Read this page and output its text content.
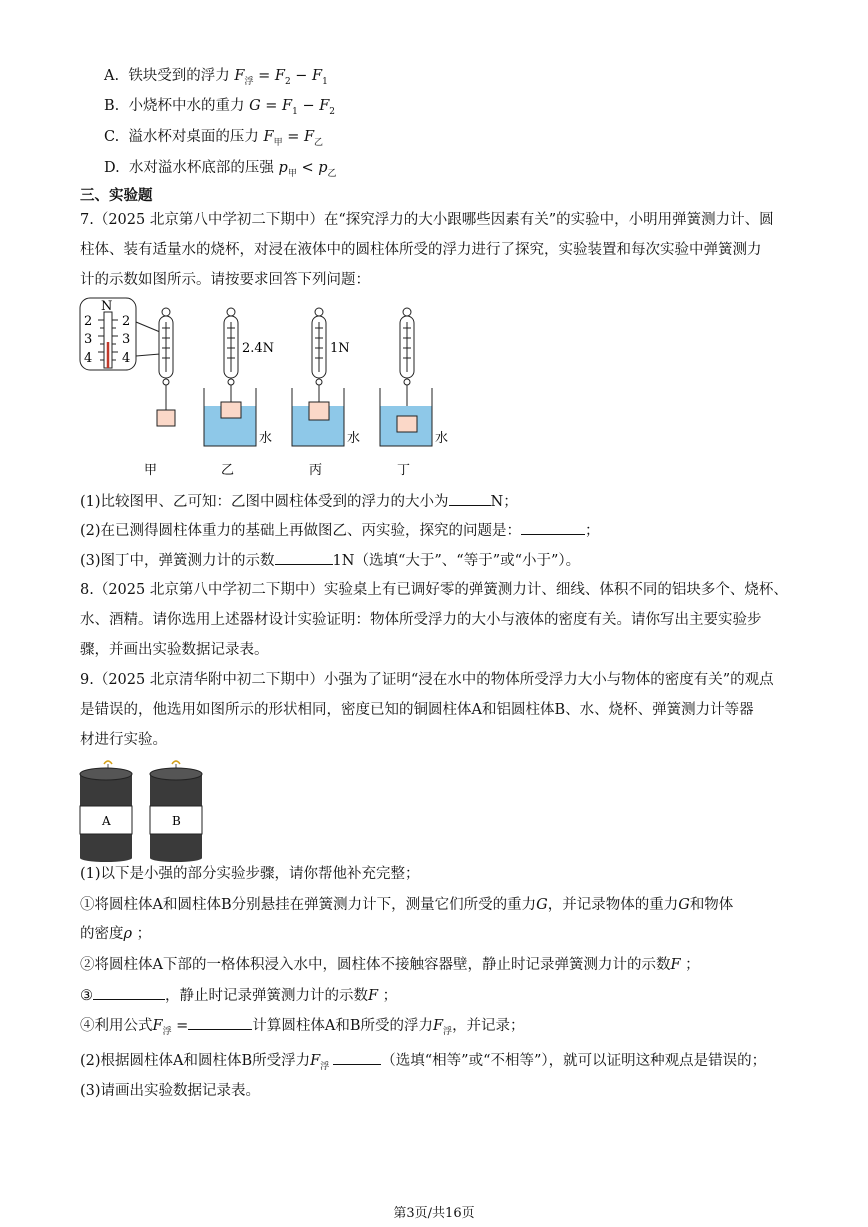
A. 铁块受到的浮力 $F_浮 = F_2 - F_1$
B. 小烧杯中水的重力 $G = F_1 - F_2$
C. 溢水杯对桌面的压力 $F_甲 = F_乙$
D. 水对溢水杯底部的压强 $p_甲 < p_乙$
三、实验题
7.（2025 北京第八中学初二下期中）在“探究浮力的大小跟哪些因素有关”的实验中，小明用弹簧测力计、圆
柱体、装有适量水的烧杯，对浸在液体中的圆柱体所受的浮力进行了探究，实验装置和每次实验中弹簧测力
计的示数如图所示。请按要求回答下列问题：
N
2
3
4
2
3
4
2.4N
水
1N
水	水
甲	乙	丙	丁
(1)比较图甲、乙可知：乙图中圆柱体受到的浮力的大小为	N；
(2)在已测得圆柱体重力的基础上再做图乙、丙实验，探究的问题是：	；
(3)图丁中，弹簧测力计的示数	1N（选填“大于”、“等于”或“小于”）。
8.（2025 北京第八中学初二下期中）实验桌上有已调好零的弹簧测力计、细线、体积不同的铝块多个、烧杯、
水、酒精。请你选用上述器材设计实验证明：物体所受浮力的大小与液体的密度有关。请你写出主要实验步
骤，并画出实验数据记录表。
9.（2025 北京清华附中初二下期中）小强为了证明“浸在水中的物体所受浮力大小与物体的密度有关”的观点
是错误的，他选用如图所示的形状相同，密度已知的铜圆柱体A和铝圆柱体B、水、烧杯、弹簧测力计等器
材进行实验。
A	B
(1)以下是小强的部分实验步骤，请你帮他补充完整；
①将圆柱体A和圆柱体B分别悬挂在弹簧测力计下，测量它们所受的重力G，并记录物体的重力G和物体
的密度ρ ；
②将圆柱体A下部的一格体积浸入水中，圆柱体不接触容器壁，静止时记录弹簧测力计的示数F ；
③	，静止时记录弹簧测力计的示数F ；
④利用公式$F_浮$ =	计算圆柱体A和B所受的浮力$F_浮$，并记录；
(2)根据圆柱体A和圆柱体B所受浮力$F_浮$	（选填“相等”或“不相等”），就可以证明这种观点是错误的；
(3)请画出实验数据记录表。
第3页/共16页
